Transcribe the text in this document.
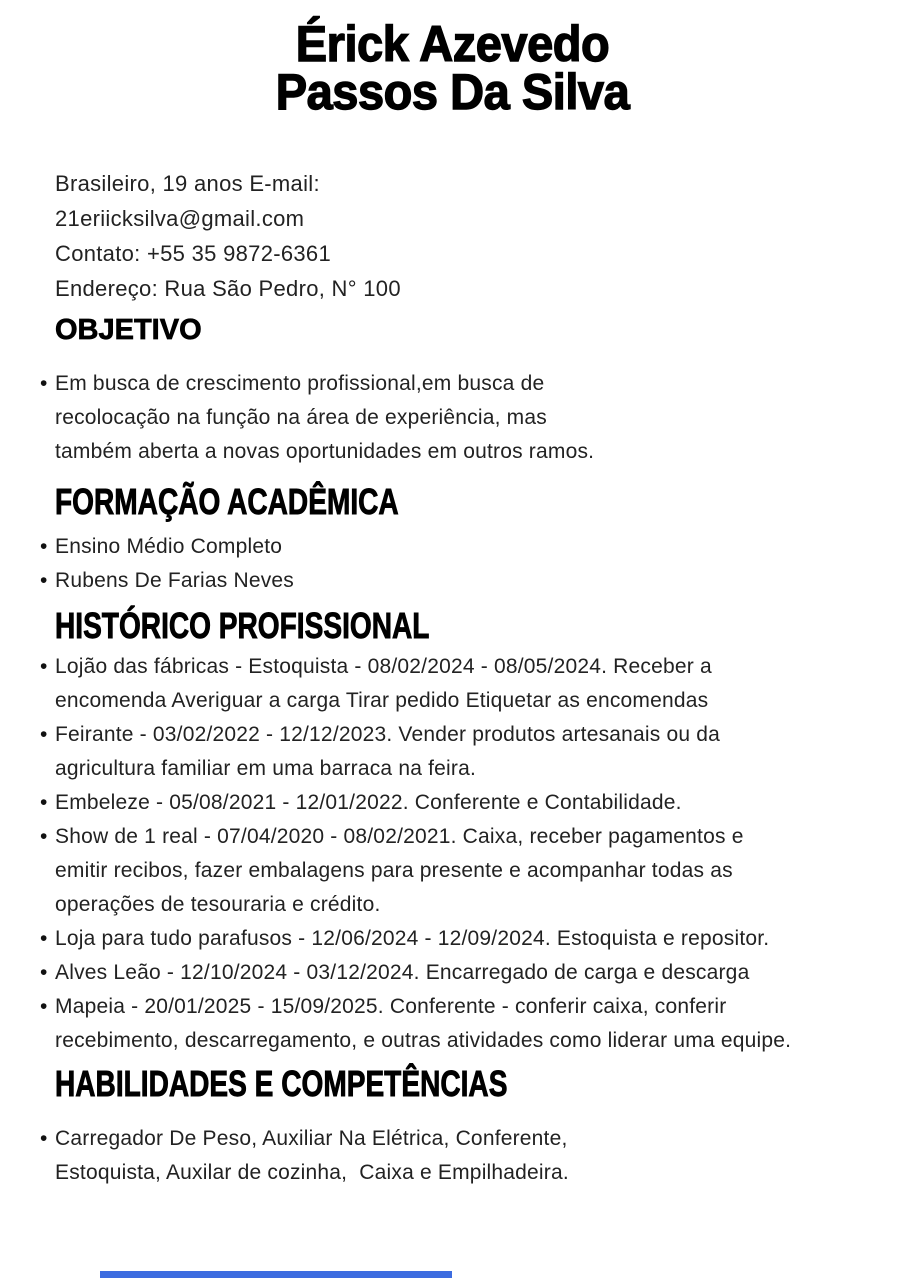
Érick Azevedo
Passos Da Silva
Brasileiro, 19 anos E-mail:
21eriicksilva@gmail.com
Contato: +55 35 9872-6361
Endereço: Rua São Pedro, N° 100
OBJETIVO
• Em busca de crescimento profissional,em busca de
recolocação na função na área de experiência, mas
também aberta a novas oportunidades em outros ramos.
FORMAÇÃO ACADÊMICA
• Ensino Médio Completo
• Rubens De Farias Neves
HISTÓRICO PROFISSIONAL
• Lojão das fábricas - Estoquista - 08/02/2024 - 08/05/2024. Receber a
encomenda Averiguar a carga Tirar pedido Etiquetar as encomendas
• Feirante - 03/02/2022 - 12/12/2023. Vender produtos artesanais ou da
agricultura familiar em uma barraca na feira.
• Embeleze - 05/08/2021 - 12/01/2022. Conferente e Contabilidade.
• Show de 1 real - 07/04/2020 - 08/02/2021. Caixa, receber pagamentos e
emitir recibos, fazer embalagens para presente e acompanhar todas as
operações de tesouraria e crédito.
• Loja para tudo parafusos - 12/06/2024 - 12/09/2024. Estoquista e repositor.
• Alves Leão - 12/10/2024 - 03/12/2024. Encarregado de carga e descarga
• Mapeia - 20/01/2025 - 15/09/2025. Conferente - conferir caixa, conferir
recebimento, descarregamento, e outras atividades como liderar uma equipe.
HABILIDADES E COMPETÊNCIAS
• Carregador De Peso, Auxiliar Na Elétrica, Conferente,
Estoquista, Auxilar de cozinha,  Caixa e Empilhadeira.
